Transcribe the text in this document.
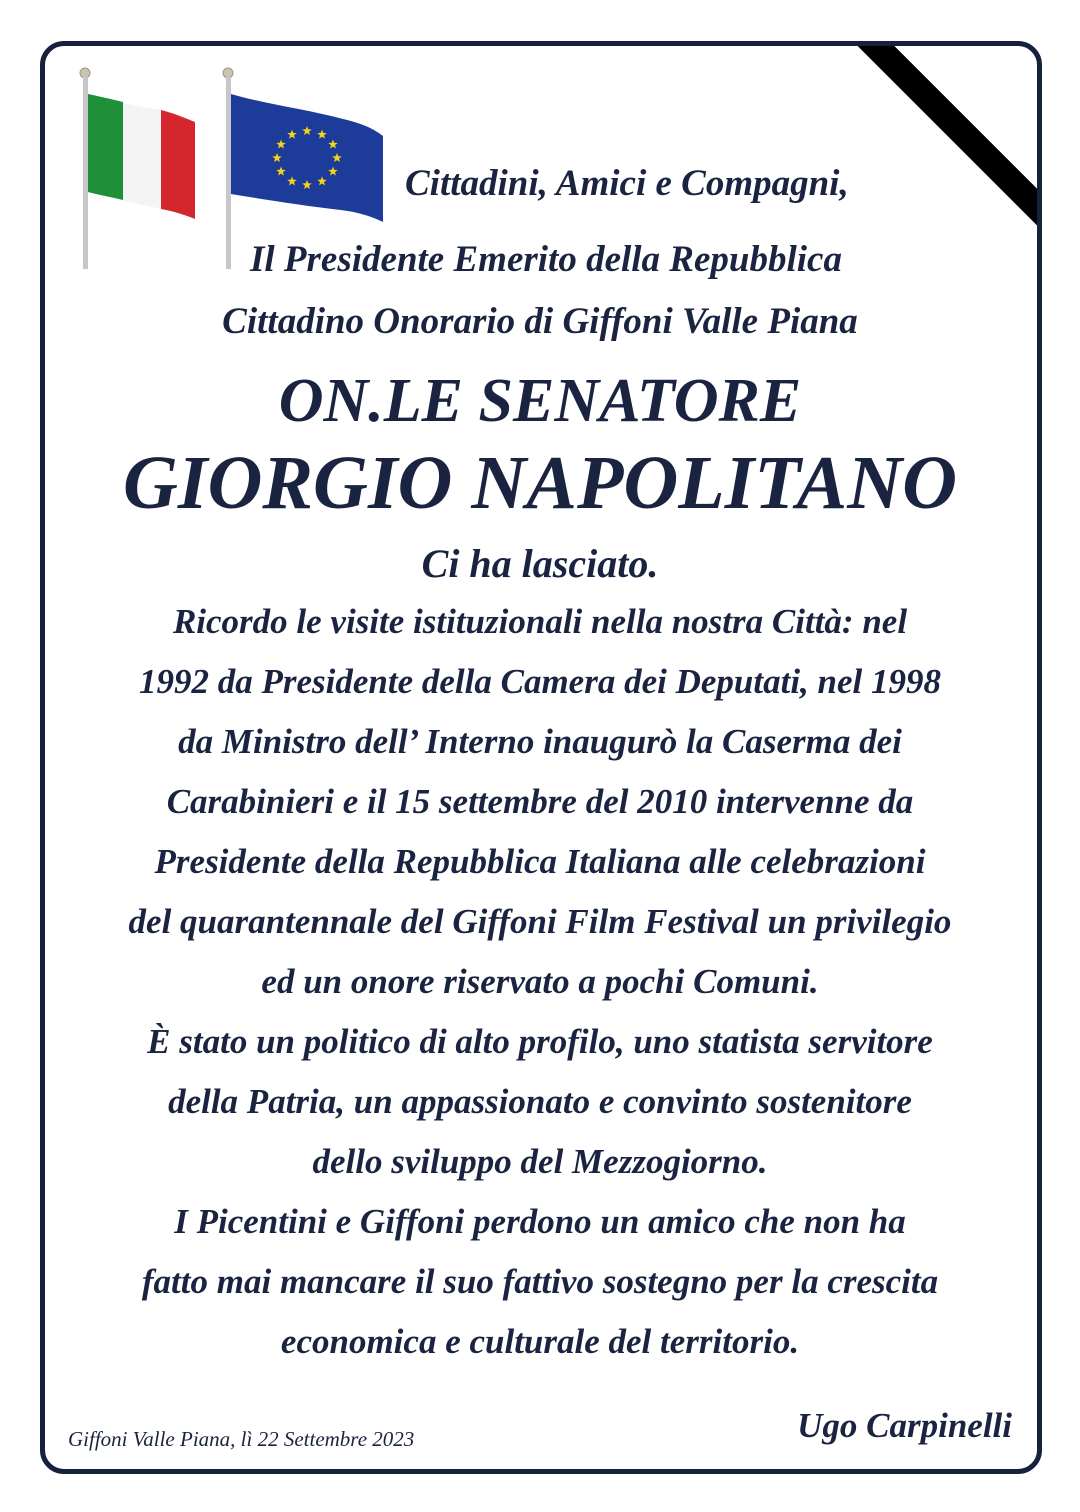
Cittadini, Amici e Compagni,
Il Presidente Emerito della Repubblica
Cittadino Onorario di Giffoni Valle Piana
ON.LE SENATORE
GIORGIO NAPOLITANO
Ci ha lasciato.
Ricordo le visite istituzionali nella nostra Città: nel
1992 da Presidente della Camera dei Deputati, nel 1998
da Ministro dell’ Interno inaugurò la Caserma dei
Carabinieri e il 15 settembre del 2010 intervenne da
Presidente della Repubblica Italiana alle celebrazioni
del quarantennale del Giffoni Film Festival un privilegio
ed un onore riservato a pochi Comuni.
È stato un politico di alto profilo, uno statista servitore
della Patria, un appassionato e convinto sostenitore
dello sviluppo del Mezzogiorno.
I Picentini e Giffoni perdono un amico che non ha
fatto mai mancare il suo fattivo sostegno per la crescita
economica e culturale del territorio.
Giffoni Valle Piana, lì 22 Settembre 2023	Ugo Carpinelli
